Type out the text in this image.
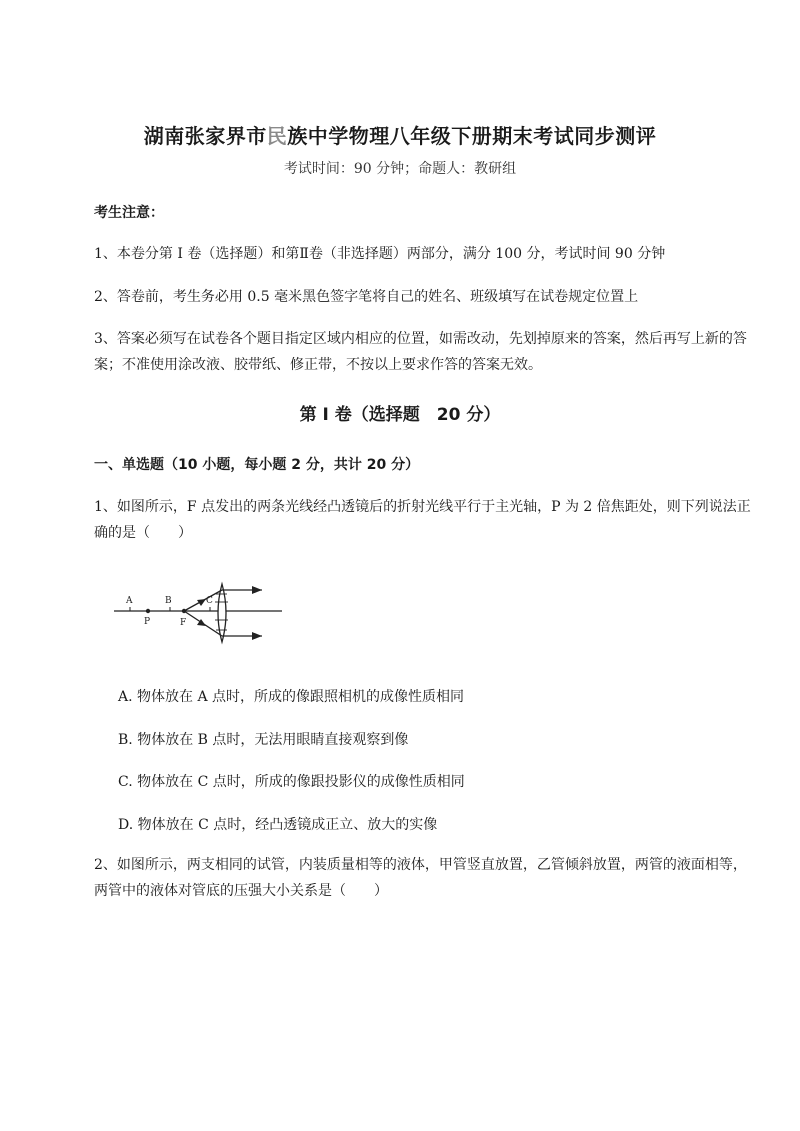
湖南张家界市民族中学物理八年级下册期末考试同步测评
考试时间：90 分钟；命题人：教研组
考生注意：
1、本卷分第 I 卷（选择题）和第Ⅱ卷（非选择题）两部分，满分 100 分，考试时间 90 分钟
2、答卷前，考生务必用 0.5 毫米黑色签字笔将自己的姓名、班级填写在试卷规定位置上
3、答案必须写在试卷各个题目指定区域内相应的位置，如需改动，先划掉原来的答案，然后再写上新的答案；不准使用涂改液、胶带纸、修正带，不按以上要求作答的答案无效。
第 I 卷（选择题　20 分）
一、单选题（10 小题，每小题 2 分，共计 20 分）
1、如图所示，F 点发出的两条光线经凸透镜后的折射光线平行于主光轴，P 为 2 倍焦距处，则下列说法正确的是（　　）
A	B	C
P	F
A. 物体放在 A 点时，所成的像跟照相机的成像性质相同
B. 物体放在 B 点时，无法用眼睛直接观察到像
C. 物体放在 C 点时，所成的像跟投影仪的成像性质相同
D. 物体放在 C 点时，经凸透镜成正立、放大的实像
2、如图所示，两支相同的试管，内装质量相等的液体，甲管竖直放置，乙管倾斜放置，两管的液面相等，两管中的液体对管底的压强大小关系是（　　）
